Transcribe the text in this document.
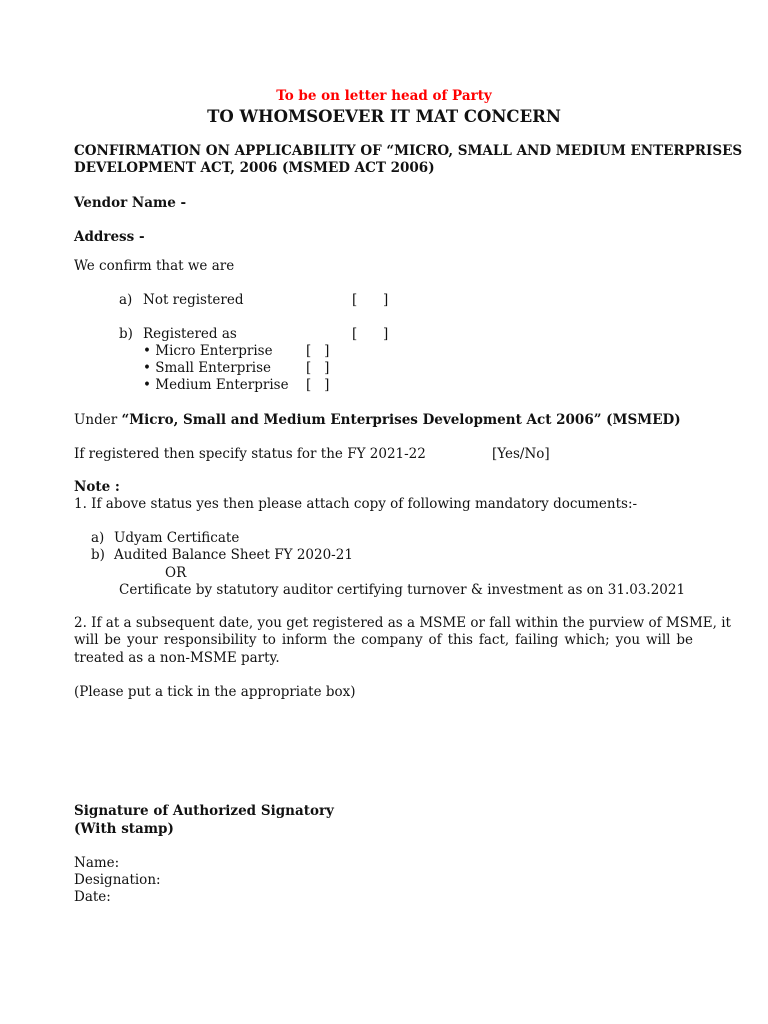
To be on letter head of Party
TO WHOMSOEVER IT MAT CONCERN
CONFIRMATION ON APPLICABILITY OF “MICRO, SMALL AND MEDIUM ENTERPRISES
DEVELOPMENT ACT, 2006 (MSMED ACT 2006)
Vendor Name -
Address -
We confirm that we are
a) Not registered	[      ]
b) Registered as	[      ]
• Micro Enterprise [   ]
• Small Enterprise	[   ]
• Medium Enterprise [   ]
Under “Micro, Small and Medium Enterprises Development Act 2006” (MSMED)
If registered then specify status for the FY 2021-22	[Yes/No]
Note :
1. If above status yes then please attach copy of following mandatory documents:-
a) Udyam Certificate
b) Audited Balance Sheet FY 2020-21
OR
Certificate by statutory auditor certifying turnover & investment as on 31.03.2021
2. If at a subsequent date, you get registered as a MSME or fall within the purview of MSME, it
will be your responsibility to inform the company of this fact, failing which; you will be
treated as a non-MSME party.
(Please put a tick in the appropriate box)
Signature of Authorized Signatory
(With stamp)
Name:
Designation:
Date:
